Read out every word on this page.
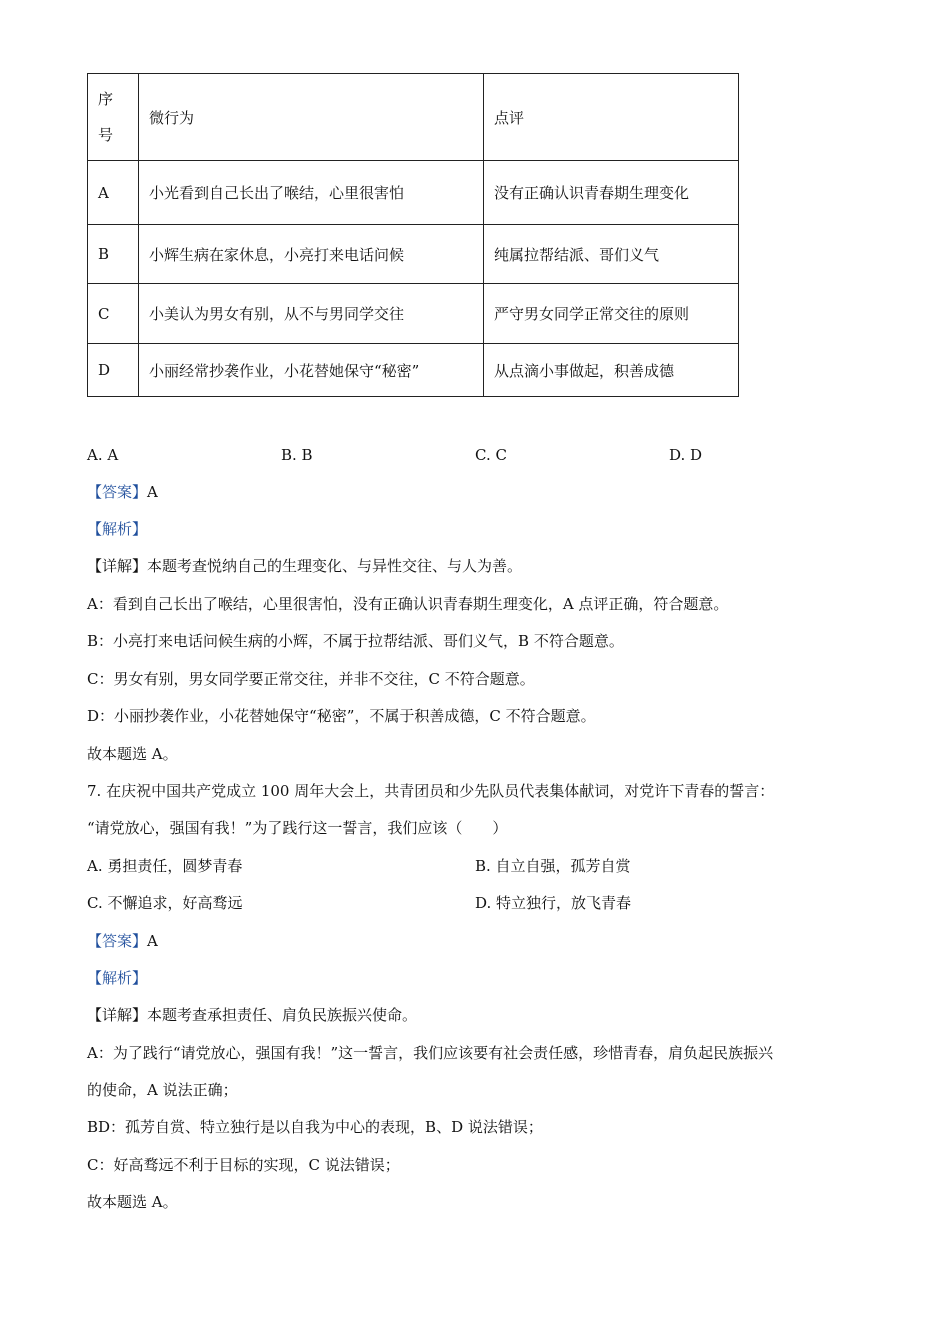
序
号	微行为	点评
A	小光看到自己长出了喉结，心里很害怕	没有正确认识青春期生理变化
B	小辉生病在家休息，小亮打来电话问候	纯属拉帮结派、哥们义气
C	小美认为男女有别，从不与男同学交往	严守男女同学正常交往的原则
D	小丽经常抄袭作业，小花替她保守“秘密”	从点滴小事做起，积善成德
A. A	B. B	C. C	D. D
【答案】A
【解析】
【详解】本题考查悦纳自己的生理变化、与异性交往、与人为善。
A：看到自己长出了喉结，心里很害怕，没有正确认识青春期生理变化，A 点评正确，符合题意。
B：小亮打来电话问候生病的小辉，不属于拉帮结派、哥们义气，B 不符合题意。
C：男女有别，男女同学要正常交往，并非不交往，C 不符合题意。
D：小丽抄袭作业，小花替她保守“秘密”，不属于积善成德，C 不符合题意。
故本题选 A。
7. 在庆祝中国共产党成立 100 周年大会上，共青团员和少先队员代表集体献词，对党许下青春的誓言：
“请党放心，强国有我！”为了践行这一誓言，我们应该（　　）
A. 勇担责任，圆梦青春	B. 自立自强，孤芳自赏
C. 不懈追求，好高骛远	D. 特立独行，放飞青春
【答案】A
【解析】
【详解】本题考查承担责任、肩负民族振兴使命。
A：为了践行“请党放心，强国有我！”这一誓言，我们应该要有社会责任感，珍惜青春，肩负起民族振兴
的使命，A 说法正确；
BD：孤芳自赏、特立独行是以自我为中心的表现，B、D 说法错误；
C：好高骛远不利于目标的实现，C 说法错误；
故本题选 A。
